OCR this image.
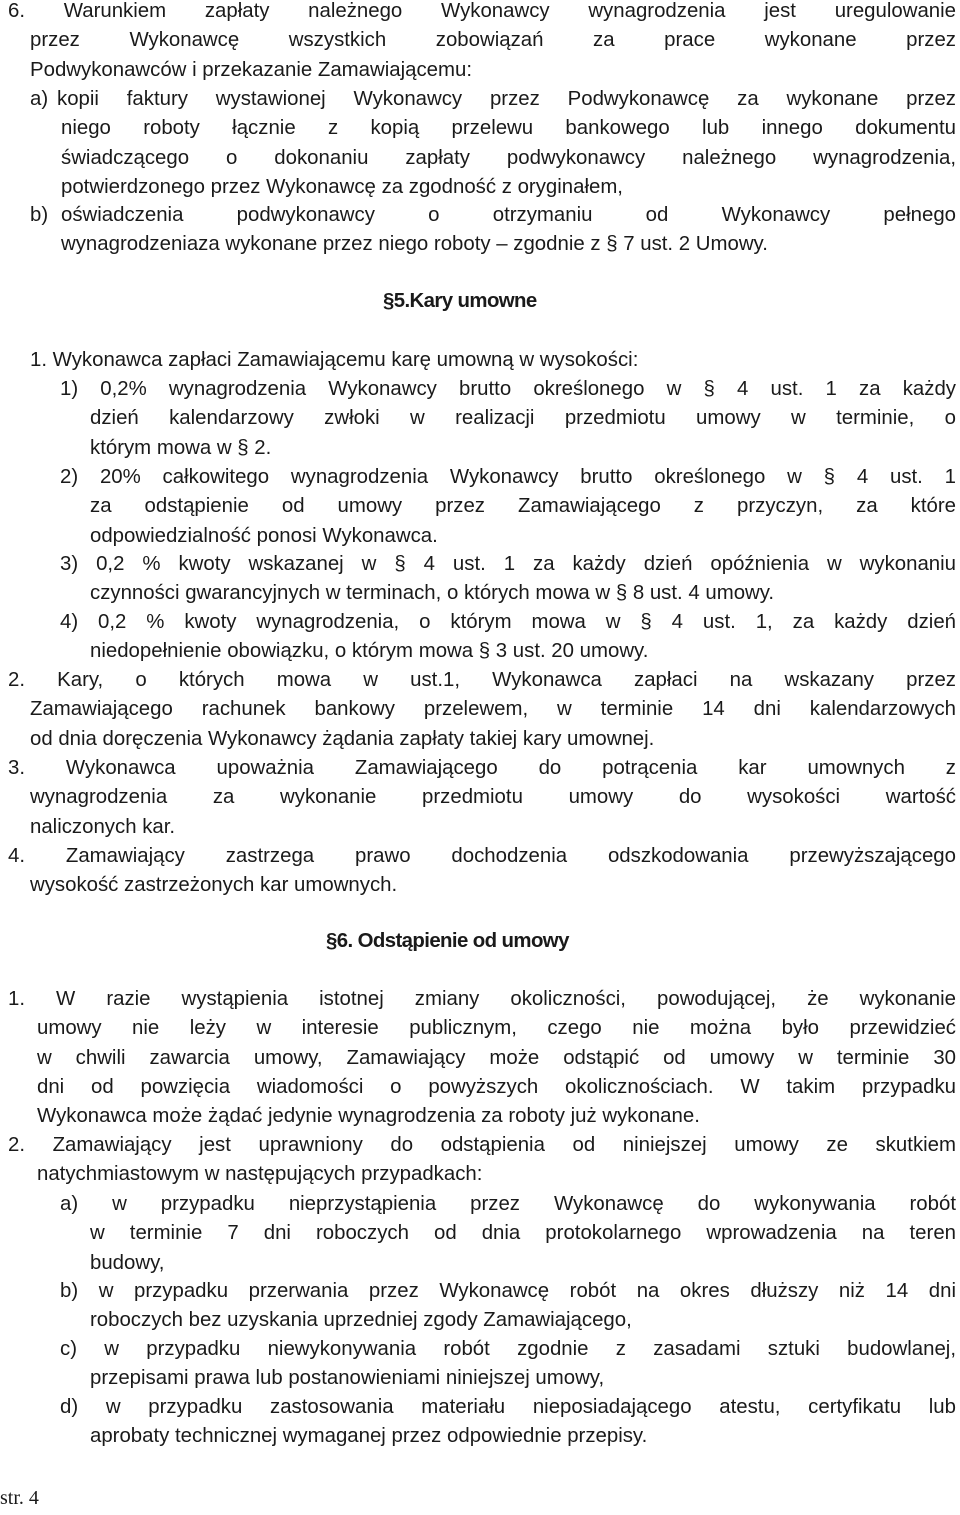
6. Warunkiem zapłaty należnego Wykonawcy wynagrodzenia jest uregulowanie
przez Wykonawcę wszystkich zobowiązań za prace wykonane przez
Podwykonawców i przekazanie Zamawiającemu:
a) kopii faktury wystawionej Wykonawcy przez Podwykonawcę za wykonane przez
niego roboty łącznie z kopią przelewu bankowego lub innego dokumentu
świadczącego o dokonaniu zapłaty podwykonawcy należnego wynagrodzenia,
potwierdzonego przez Wykonawcę za zgodność z oryginałem,
b) oświadczenia podwykonawcy o otrzymaniu od Wykonawcy pełnego
wynagrodzeniaza wykonane przez niego roboty – zgodnie z § 7 ust. 2 Umowy.
§5.Kary umowne
1. Wykonawca zapłaci Zamawiającemu karę umowną w wysokości:
1) 0,2% wynagrodzenia Wykonawcy brutto określonego w § 4 ust. 1 za każdy
dzień kalendarzowy zwłoki w realizacji przedmiotu umowy w terminie, o
którym mowa w § 2.
2) 20% całkowitego wynagrodzenia Wykonawcy brutto określonego w § 4 ust. 1
za odstąpienie od umowy przez Zamawiającego z przyczyn, za które
odpowiedzialność ponosi Wykonawca.
3) 0,2 % kwoty wskazanej w § 4 ust. 1 za każdy dzień opóźnienia w wykonaniu
czynności gwarancyjnych w terminach, o których mowa w § 8 ust. 4 umowy.
4) 0,2 % kwoty wynagrodzenia, o którym mowa w § 4 ust. 1, za każdy dzień
niedopełnienie obowiązku, o którym mowa § 3 ust. 20 umowy.
2. Kary, o których mowa w ust.1, Wykonawca zapłaci na wskazany przez
Zamawiającego rachunek bankowy przelewem, w terminie 14 dni kalendarzowych
od dnia doręczenia Wykonawcy żądania zapłaty takiej kary umownej.
3. Wykonawca upoważnia Zamawiającego do potrącenia kar umownych z
wynagrodzenia za wykonanie przedmiotu umowy do wysokości wartość
naliczonych kar.
4. Zamawiający zastrzega prawo dochodzenia odszkodowania przewyższającego
wysokość zastrzeżonych kar umownych.
§6. Odstąpienie od umowy
1. W razie wystąpienia istotnej zmiany okoliczności, powodującej, że wykonanie
umowy nie leży w interesie publicznym, czego nie można było przewidzieć
w chwili zawarcia umowy, Zamawiający może odstąpić od umowy w terminie 30
dni od powzięcia wiadomości o powyższych okolicznościach. W takim przypadku
Wykonawca może żądać jedynie wynagrodzenia za roboty już wykonane.
2. Zamawiający jest uprawniony do odstąpienia od niniejszej umowy ze skutkiem
natychmiastowym w następujących przypadkach:
a) w przypadku nieprzystąpienia przez Wykonawcę do wykonywania robót
w terminie 7 dni roboczych od dnia protokolarnego wprowadzenia na teren
budowy,
b) w przypadku przerwania przez Wykonawcę robót na okres dłuższy niż 14 dni
roboczych bez uzyskania uprzedniej zgody Zamawiającego,
c) w przypadku niewykonywania robót zgodnie z zasadami sztuki budowlanej,
przepisami prawa lub postanowieniami niniejszej umowy,
d) w przypadku zastosowania materiału nieposiadającego atestu, certyfikatu lub
aprobaty technicznej wymaganej przez odpowiednie przepisy.
str. 4
